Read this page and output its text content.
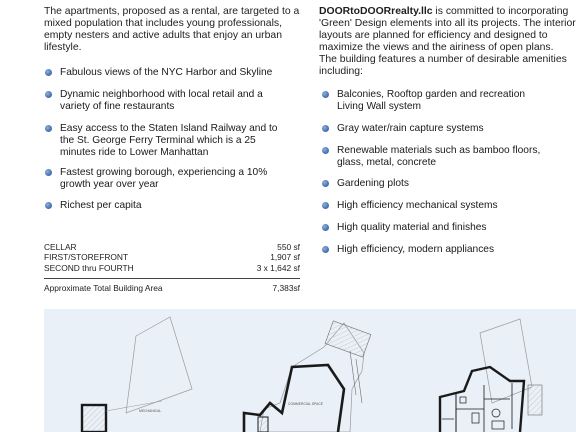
The apartments, proposed as a rental, are targeted to a mixed population that includes young professionals, empty nesters and active adults that enjoy an urban lifestyle.

Fabulous views of the NYC Harbor and Skyline
Dynamic neighborhood with local retail and a variety of fine restaurants
Easy access to the Staten Island Railway and to the St. George Ferry Terminal which is a 25 minutes ride to Lower Manhattan
Fastest growing borough, experiencing a 10% growth year over year
Richest per capita
CELLAR	550 sf
FIRST/STOREFRONT	1,907 sf
SECOND thru FOURTH	3 x 1,642 sf
Approximate Total Building Area	7,383sf
DOORtoDOORrealty.llc is committed to incorporating
'Green' Design elements into all its projects. The interior
layouts are planned for efficiency and designed to
maximize the views and the airiness of open plans.
The building features a number of desirable amenities
including:
Balconies, Rooftop garden and recreation Living Wall system
Gray water/rain capture systems
Renewable materials such as bamboo floors, glass, metal, concrete
Gardening plots
High efficiency mechanical systems
High quality material and finishes
High efficiency, modern appliances
MECHANICAL
COMMERCIAL SPACE
